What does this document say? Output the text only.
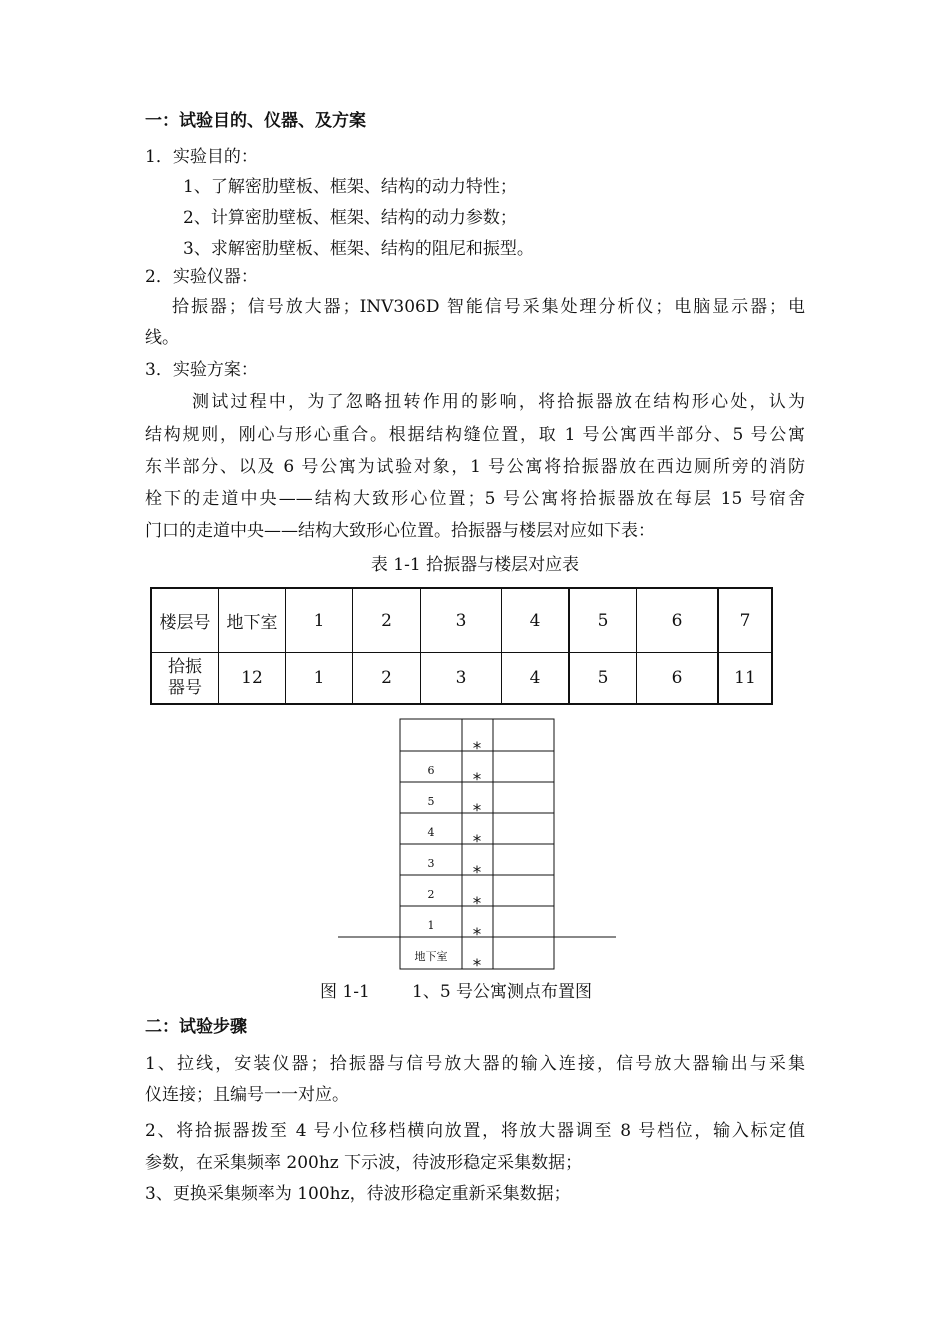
一：试验目的、仪器、及方案
1．实验目的：
1、了解密肋壁板、框架、结构的动力特性；
2、计算密肋壁板、框架、结构的动力参数；
3、求解密肋壁板、框架、结构的阻尼和振型。
2．实验仪器：
拾振器；信号放大器；INV306D 智能信号采集处理分析仪；电脑显示器；电
线。
3．实验方案：
测试过程中，为了忽略扭转作用的影响，将拾振器放在结构形心处，认为
结构规则，刚心与形心重合。根据结构缝位置，取 1 号公寓西半部分、5 号公寓
东半部分、以及 6 号公寓为试验对象，1 号公寓将拾振器放在西边厕所旁的消防
栓下的走道中央——结构大致形心位置；5 号公寓将拾振器放在每层 15 号宿舍
门口的走道中央——结构大致形心位置。拾振器与楼层对应如下表：
表 1-1 拾振器与楼层对应表
楼层号	地下室	1	2	3	4	5	6	7
拾振
器号	12	1	2	3	4	5	6	11
6
5
4
3
2
1
地下室
*
*
*
*
*
*
*
*
图 1-1 1、5 号公寓测点布置图
二：试验步骤
1、拉线，安装仪器；拾振器与信号放大器的输入连接，信号放大器输出与采集
仪连接；且编号一一对应。
2、将拾振器拨至 4 号小位移档横向放置，将放大器调至 8 号档位，输入标定值
参数，在采集频率 200hz 下示波，待波形稳定采集数据；
3、更换采集频率为 100hz，待波形稳定重新采集数据；
